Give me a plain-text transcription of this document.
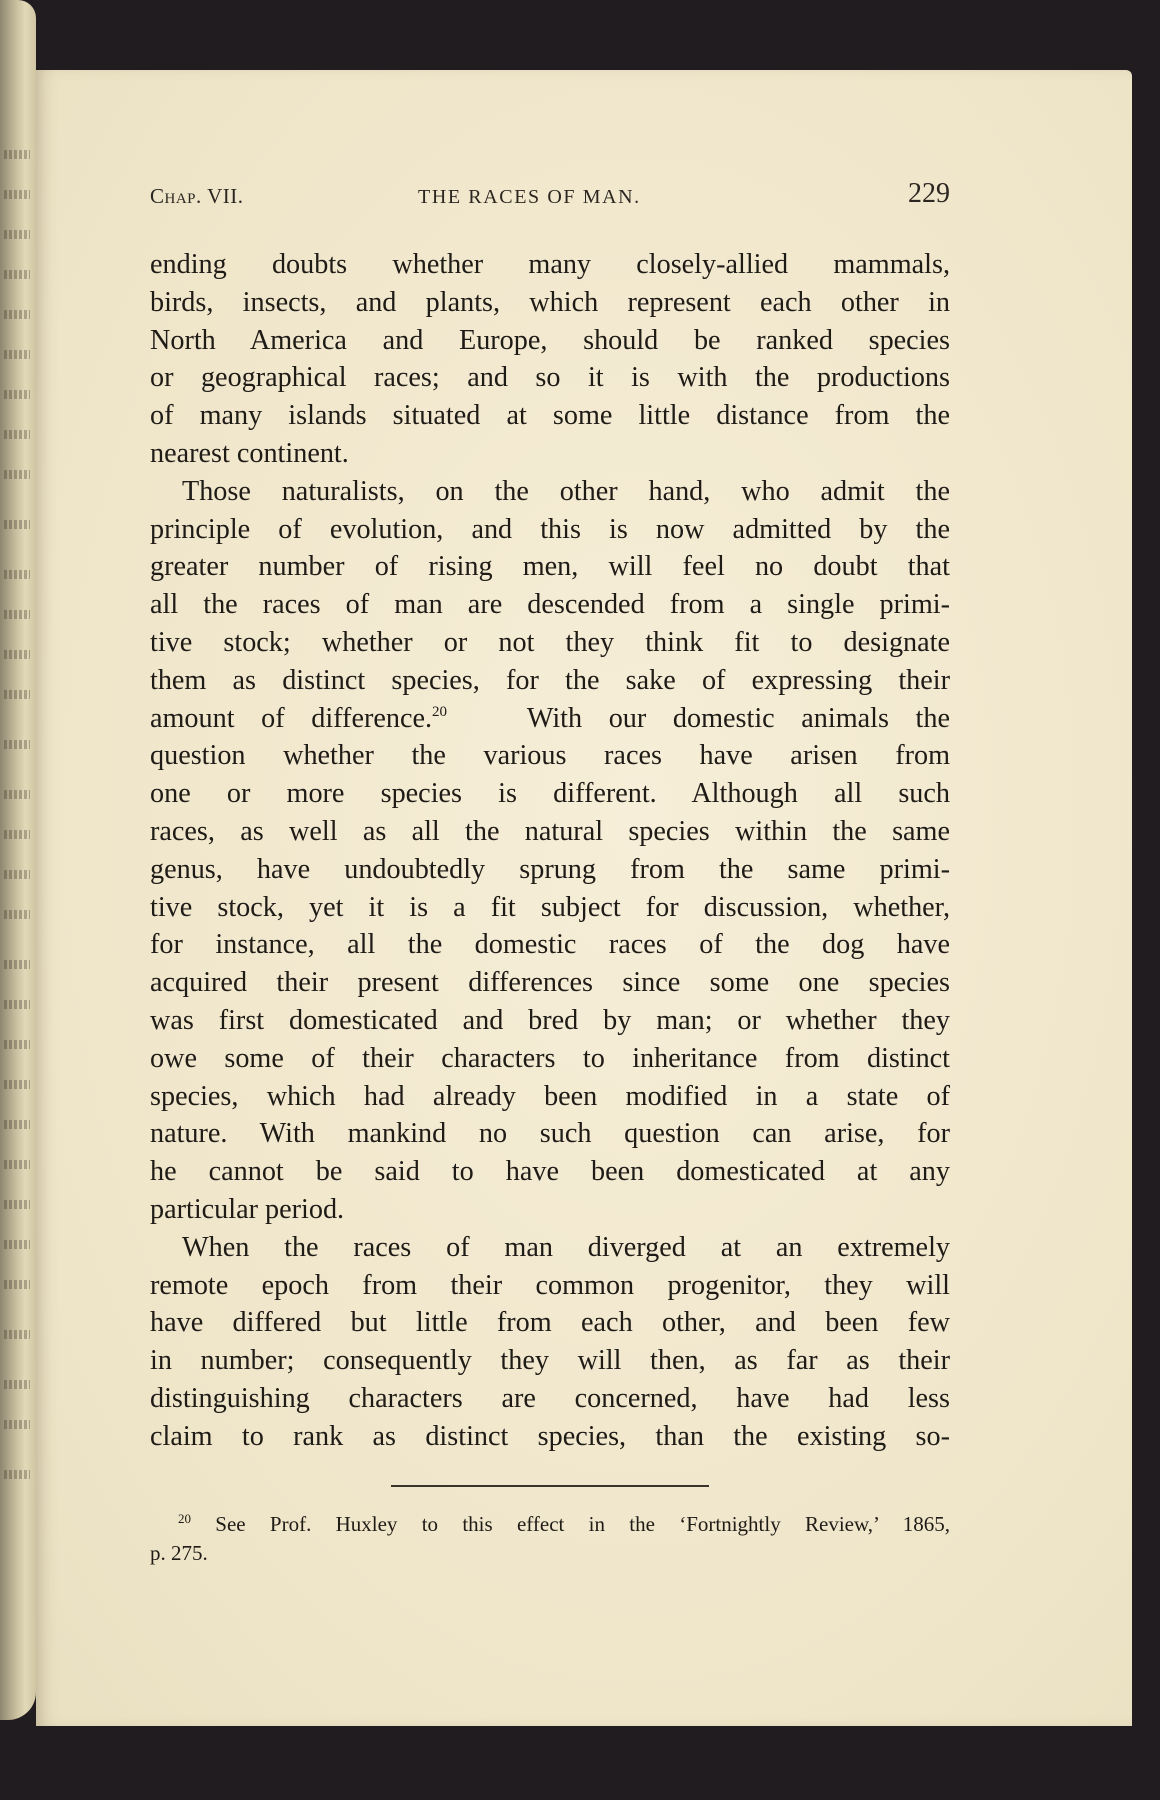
Chap. VII.	THE RACES OF MAN.	229
ending doubts whether many closely-allied mammals,
birds, insects, and plants, which represent each other in
North America and Europe, should be ranked species
or geographical races; and so it is with the productions
of many islands situated at some little distance from the
nearest continent.
Those naturalists, on the other hand, who admit the
principle of evolution, and this is now admitted by the
greater number of rising men, will feel no doubt that
all the races of man are descended from a single primi-
tive stock; whether or not they think fit to designate
them as distinct species, for the sake of expressing their
amount of difference.$^{20}$	With our domestic animals the
question whether the various races have arisen from
one or more species is different. Although all such
races, as well as all the natural species within the same
genus, have undoubtedly sprung from the same primi-
tive stock, yet it is a fit subject for discussion, whether,
for instance, all the domestic races of the dog have
acquired their present differences since some one species
was first domesticated and bred by man; or whether they
owe some of their characters to inheritance from distinct
species, which had already been modified in a state of
nature. With mankind no such question can arise, for
he cannot be said to have been domesticated at any
particular period.
When the races of man diverged at an extremely
remote epoch from their common progenitor, they will
have differed but little from each other, and been few
in number; consequently they will then, as far as their
distinguishing characters are concerned, have had less
claim to rank as distinct species, than the existing so-
$^{20}$ See Prof. Huxley to this effect in the ‘Fortnightly Review,’ 1865,
p. 275.
